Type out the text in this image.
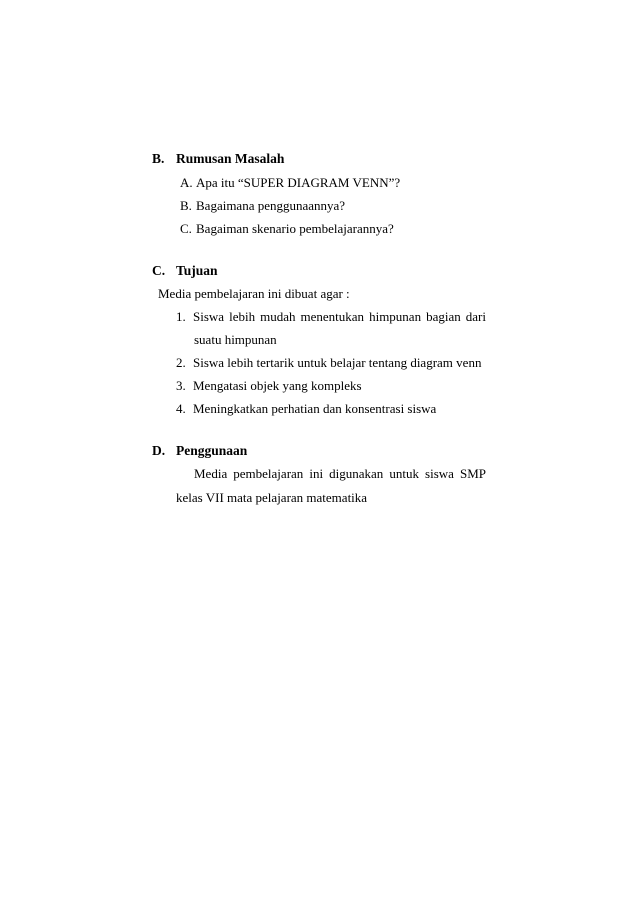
B. Rumusan Masalah
A. Apa itu “SUPER DIAGRAM VENN”?
B. Bagaimana penggunaannya?
C. Bagaiman skenario pembelajarannya?
C. Tujuan
Media pembelajaran ini dibuat agar :
1. Siswa lebih mudah menentukan himpunan bagian dari
suatu himpunan
2. Siswa lebih tertarik untuk belajar tentang diagram venn
3. Mengatasi objek yang kompleks
4. Meningkatkan perhatian dan konsentrasi siswa
D. Penggunaan
Media pembelajaran ini digunakan untuk siswa SMP
kelas VII mata pelajaran matematika
